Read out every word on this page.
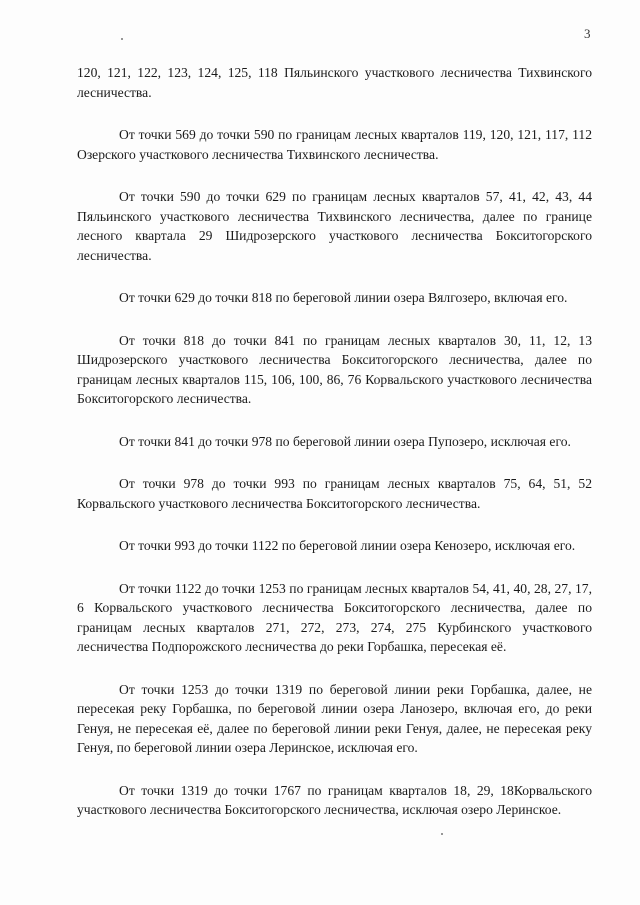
3

120, 121, 122, 123, 124, 125, 118 Пяльинского участкового лесничества Тихвинского лесничества.

От точки 569 до точки 590 по границам лесных кварталов 119, 120, 121, 117, 112 Озерского участкового лесничества Тихвинского лесничества.

От точки 590 до точки 629 по границам лесных кварталов 57, 41, 42, 43, 44 Пяльинского участкового лесничества Тихвинского лесничества, далее по границе лесного квартала 29 Шидрозерского участкового лесничества Бокситогорского лесничества.

От точки 629 до точки 818 по береговой линии озера Вялгозеро, включая его.

От точки 818 до точки 841 по границам лесных кварталов 30, 11, 12, 13 Шидрозерского участкового лесничества Бокситогорского лесничества, далее по границам лесных кварталов 115, 106, 100, 86, 76 Корвальского участкового лесничества Бокситогорского лесничества.

От точки 841 до точки 978 по береговой линии озера Пупозеро, исключая его.

От точки 978 до точки 993 по границам лесных кварталов 75, 64, 51, 52 Корвальского участкового лесничества Бокситогорского лесничества.

От точки 993 до точки 1122 по береговой линии озера Кенозеро, исключая его.

От точки 1122 до точки 1253 по границам лесных кварталов 54, 41, 40, 28, 27, 17, 6 Корвальского участкового лесничества Бокситогорского лесничества, далее по границам лесных кварталов 271, 272, 273, 274, 275 Курбинского участкового лесничества Подпорожского лесничества до реки Горбашка, пересекая её.

От точки 1253 до точки 1319 по береговой линии реки Горбашка, далее, не пересекая реку Горбашка, по береговой линии озера Ланозеро, включая его, до реки Генуя, не пересекая её, далее по береговой линии реки Генуя, далее, не пересекая реку Генуя, по береговой линии озера Леринское, исключая его.

От точки 1319 до точки 1767 по границам кварталов 18, 29, 18Корвальского участкового лесничества Бокситогорского лесничества, исключая озеро Леринское.
